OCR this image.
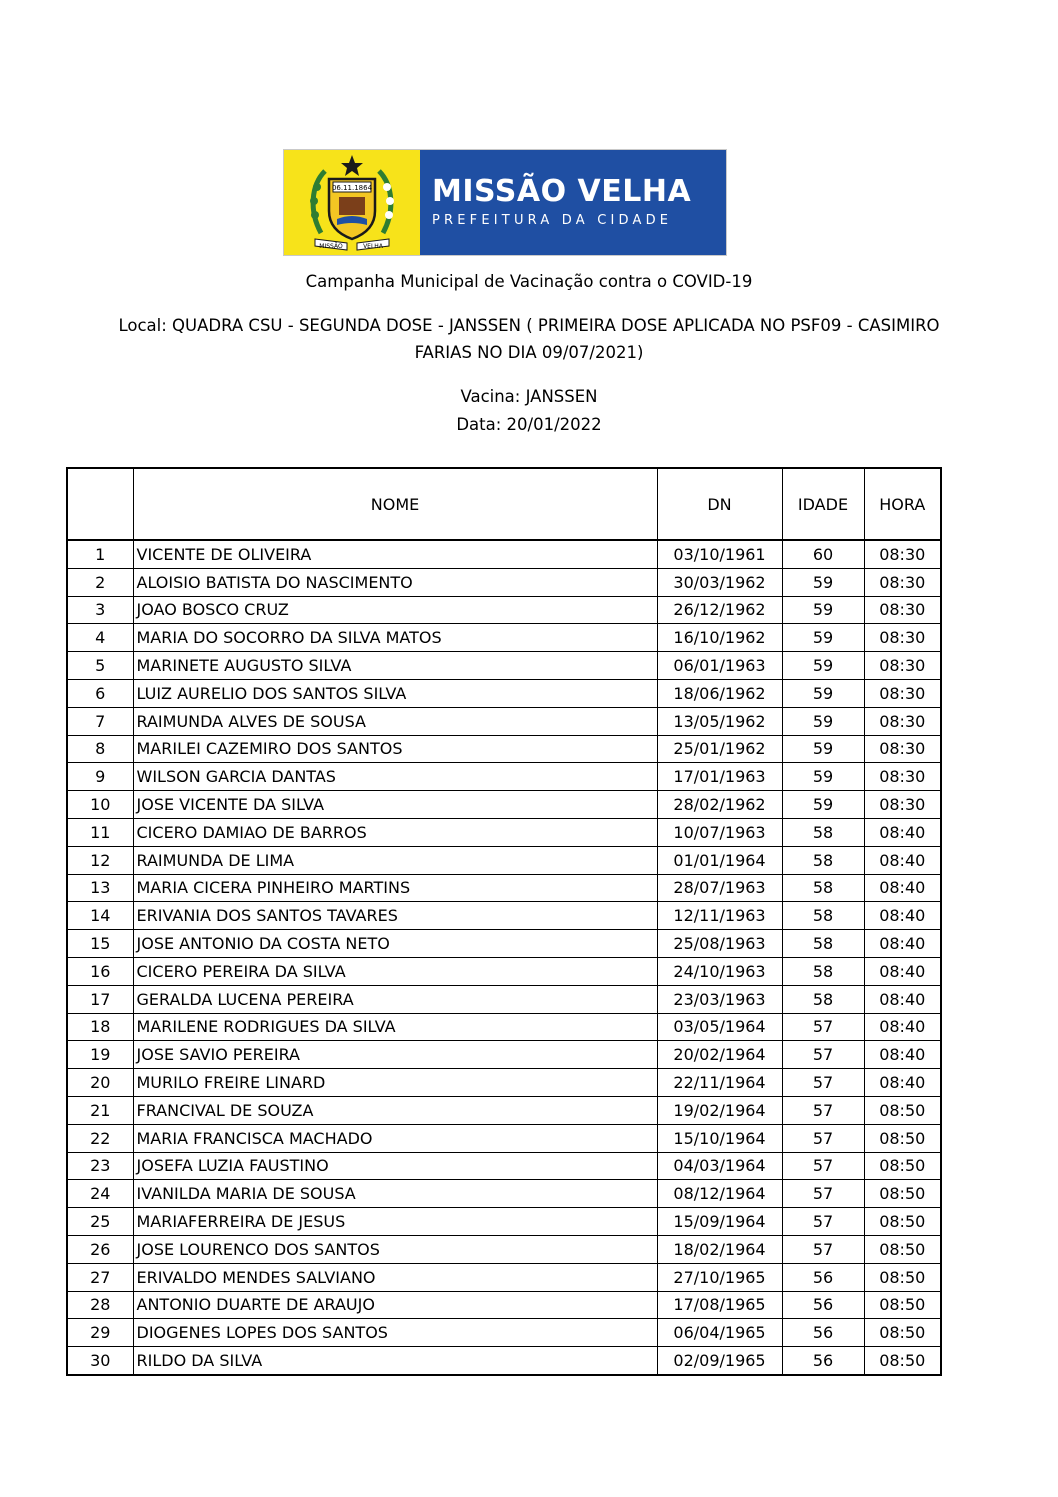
06.11.1864
MISSÃO	VELHA
MISSÃO VELHA
PREFEITURA DA CIDADE
Campanha Municipal de Vacinação contra o COVID-19
Local: QUADRA CSU - SEGUNDA DOSE - JANSSEN ( PRIMEIRA DOSE APLICADA NO PSF09 - CASIMIRO
FARIAS NO DIA 09/07/2021)
Vacina: JANSSEN
Data: 20/01/2022
	NOME	DN	IDADE	HORA
1	VICENTE DE OLIVEIRA	03/10/1961	60	08:30
2	ALOISIO BATISTA DO NASCIMENTO	30/03/1962	59	08:30
3	JOAO BOSCO CRUZ	26/12/1962	59	08:30
4	MARIA DO SOCORRO DA SILVA MATOS	16/10/1962	59	08:30
5	MARINETE AUGUSTO SILVA	06/01/1963	59	08:30
6	LUIZ AURELIO DOS SANTOS SILVA	18/06/1962	59	08:30
7	RAIMUNDA ALVES DE SOUSA	13/05/1962	59	08:30
8	MARILEI CAZEMIRO DOS SANTOS	25/01/1962	59	08:30
9	WILSON GARCIA DANTAS	17/01/1963	59	08:30
10	JOSE VICENTE DA SILVA	28/02/1962	59	08:30
11	CICERO DAMIAO DE BARROS	10/07/1963	58	08:40
12	RAIMUNDA DE LIMA	01/01/1964	58	08:40
13	MARIA CICERA PINHEIRO MARTINS	28/07/1963	58	08:40
14	ERIVANIA DOS SANTOS TAVARES	12/11/1963	58	08:40
15	JOSE ANTONIO DA COSTA NETO	25/08/1963	58	08:40
16	CICERO PEREIRA DA SILVA	24/10/1963	58	08:40
17	GERALDA LUCENA PEREIRA	23/03/1963	58	08:40
18	MARILENE RODRIGUES DA SILVA	03/05/1964	57	08:40
19	JOSE SAVIO PEREIRA	20/02/1964	57	08:40
20	MURILO FREIRE LINARD	22/11/1964	57	08:40
21	FRANCIVAL DE SOUZA	19/02/1964	57	08:50
22	MARIA FRANCISCA MACHADO	15/10/1964	57	08:50
23	JOSEFA LUZIA FAUSTINO	04/03/1964	57	08:50
24	IVANILDA MARIA DE SOUSA	08/12/1964	57	08:50
25	MARIAFERREIRA DE JESUS	15/09/1964	57	08:50
26	JOSE LOURENCO DOS SANTOS	18/02/1964	57	08:50
27	ERIVALDO MENDES SALVIANO	27/10/1965	56	08:50
28	ANTONIO DUARTE DE ARAUJO	17/08/1965	56	08:50
29	DIOGENES LOPES DOS SANTOS	06/04/1965	56	08:50
30	RILDO DA SILVA	02/09/1965	56	08:50
